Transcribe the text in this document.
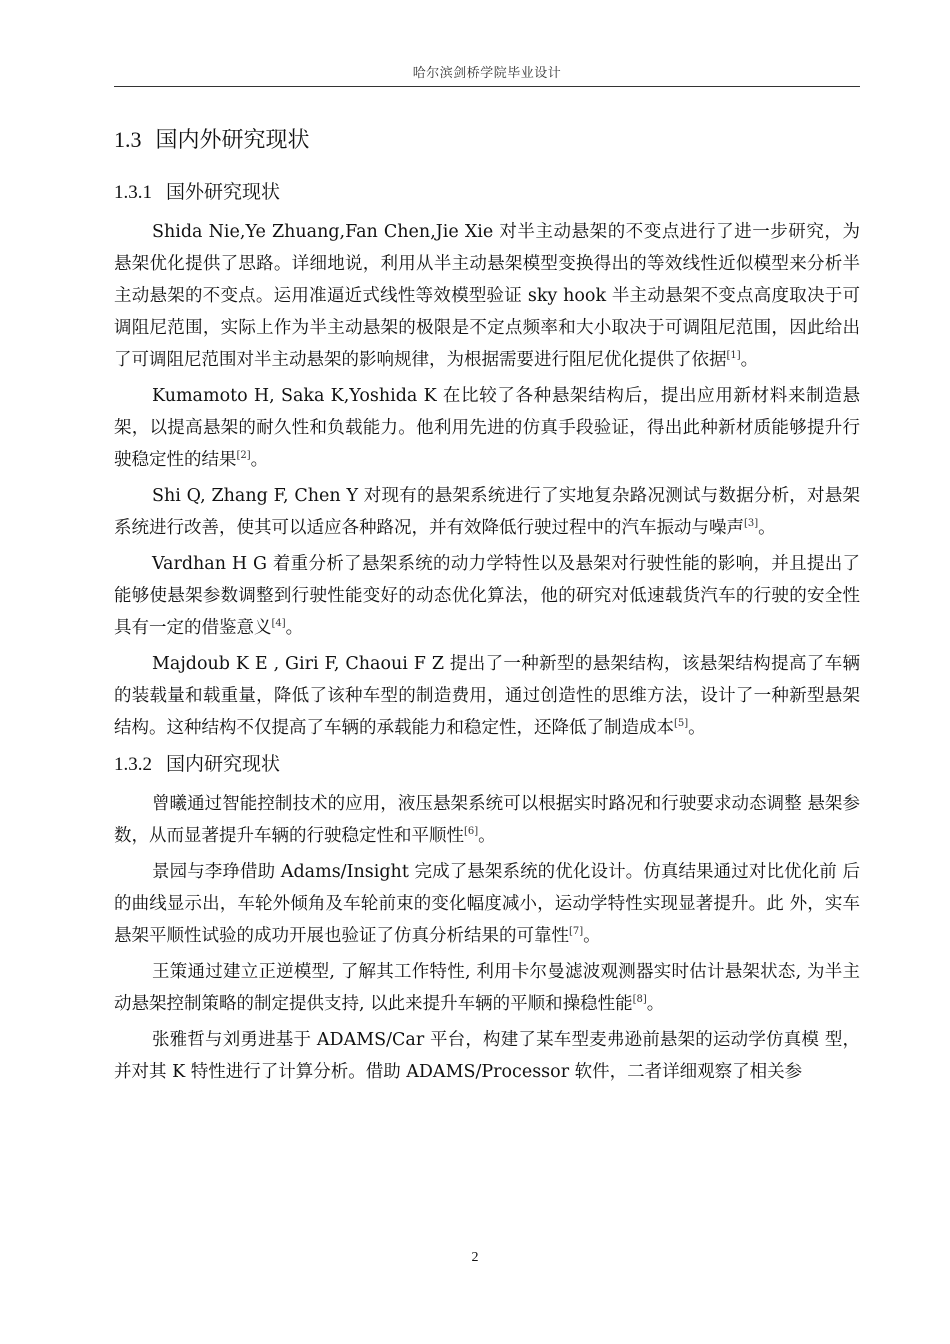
哈尔滨剑桥学院毕业设计
1.3 国内外研究现状
1.3.1 国外研究现状

Shida Nie,Ye Zhuang,Fan Chen,Jie Xie 对半主动悬架的不变点进行了进一步研究，为悬架优化提供了思路。详细地说，利用从半主动悬架模型变换得出的等效线性近似模型来分析半主动悬架的不变点。运用准逼近式线性等效模型验证 sky hook 半主动悬架不变点高度取决于可调阻尼范围，实际上作为半主动悬架的极限是不定点频率和大小取决于可调阻尼范围，因此给出了可调阻尼范围对半主动悬架的影响规律，为根据需要进行阻尼优化提供了依据[1]。

Kumamoto H, Saka K,Yoshida K 在比较了各种悬架结构后，提出应用新材料来制造悬架，以提高悬架的耐久性和负载能力。他利用先进的仿真手段验证，得出此种新材质能够提升行驶稳定性的结果[2]。

Shi Q, Zhang F, Chen Y 对现有的悬架系统进行了实地复杂路况测试与数据分析，对悬架系统进行改善，使其可以适应各种路况，并有效降低行驶过程中的汽车振动与噪声[3]。

Vardhan H G 着重分析了悬架系统的动力学特性以及悬架对行驶性能的影响，并且提出了能够使悬架参数调整到行驶性能变好的动态优化算法，他的研究对低速载货汽车的行驶的安全性具有一定的借鉴意义[4]。

Majdoub K E , Giri F, Chaoui F Z 提出了一种新型的悬架结构，该悬架结构提高了车辆的装载量和载重量，降低了该种车型的制造费用，通过创造性的思维方法，设计了一种新型悬架结构。这种结构不仅提高了车辆的承载能力和稳定性，还降低了制造成本[5]。

1.3.2 国内研究现状

曾曦通过智能控制技术的应用，液压悬架系统可以根据实时路况和行驶要求动态调整 悬架参数，从而显著提升车辆的行驶稳定性和平顺性[6]。

景园与李琤借助 Adams/Insight 完成了悬架系统的优化设计。仿真结果通过对比优化前 后的曲线显示出，车轮外倾角及车轮前束的变化幅度减小，运动学特性实现显著提升。此 外，实车悬架平顺性试验的成功开展也验证了仿真分析结果的可靠性[7]。

王策通过建立正逆模型, 了解其工作特性, 利用卡尔曼滤波观测器实时估计悬架状态, 为半主动悬架控制策略的制定提供支持, 以此来提升车辆的平顺和操稳性能[8]。

张雅哲与刘勇进基于 ADAMS/Car 平台，构建了某车型麦弗逊前悬架的运动学仿真模 型，并对其 K 特性进行了计算分析。借助 ADAMS/Processor 软件，二者详细观察了相关参

2
